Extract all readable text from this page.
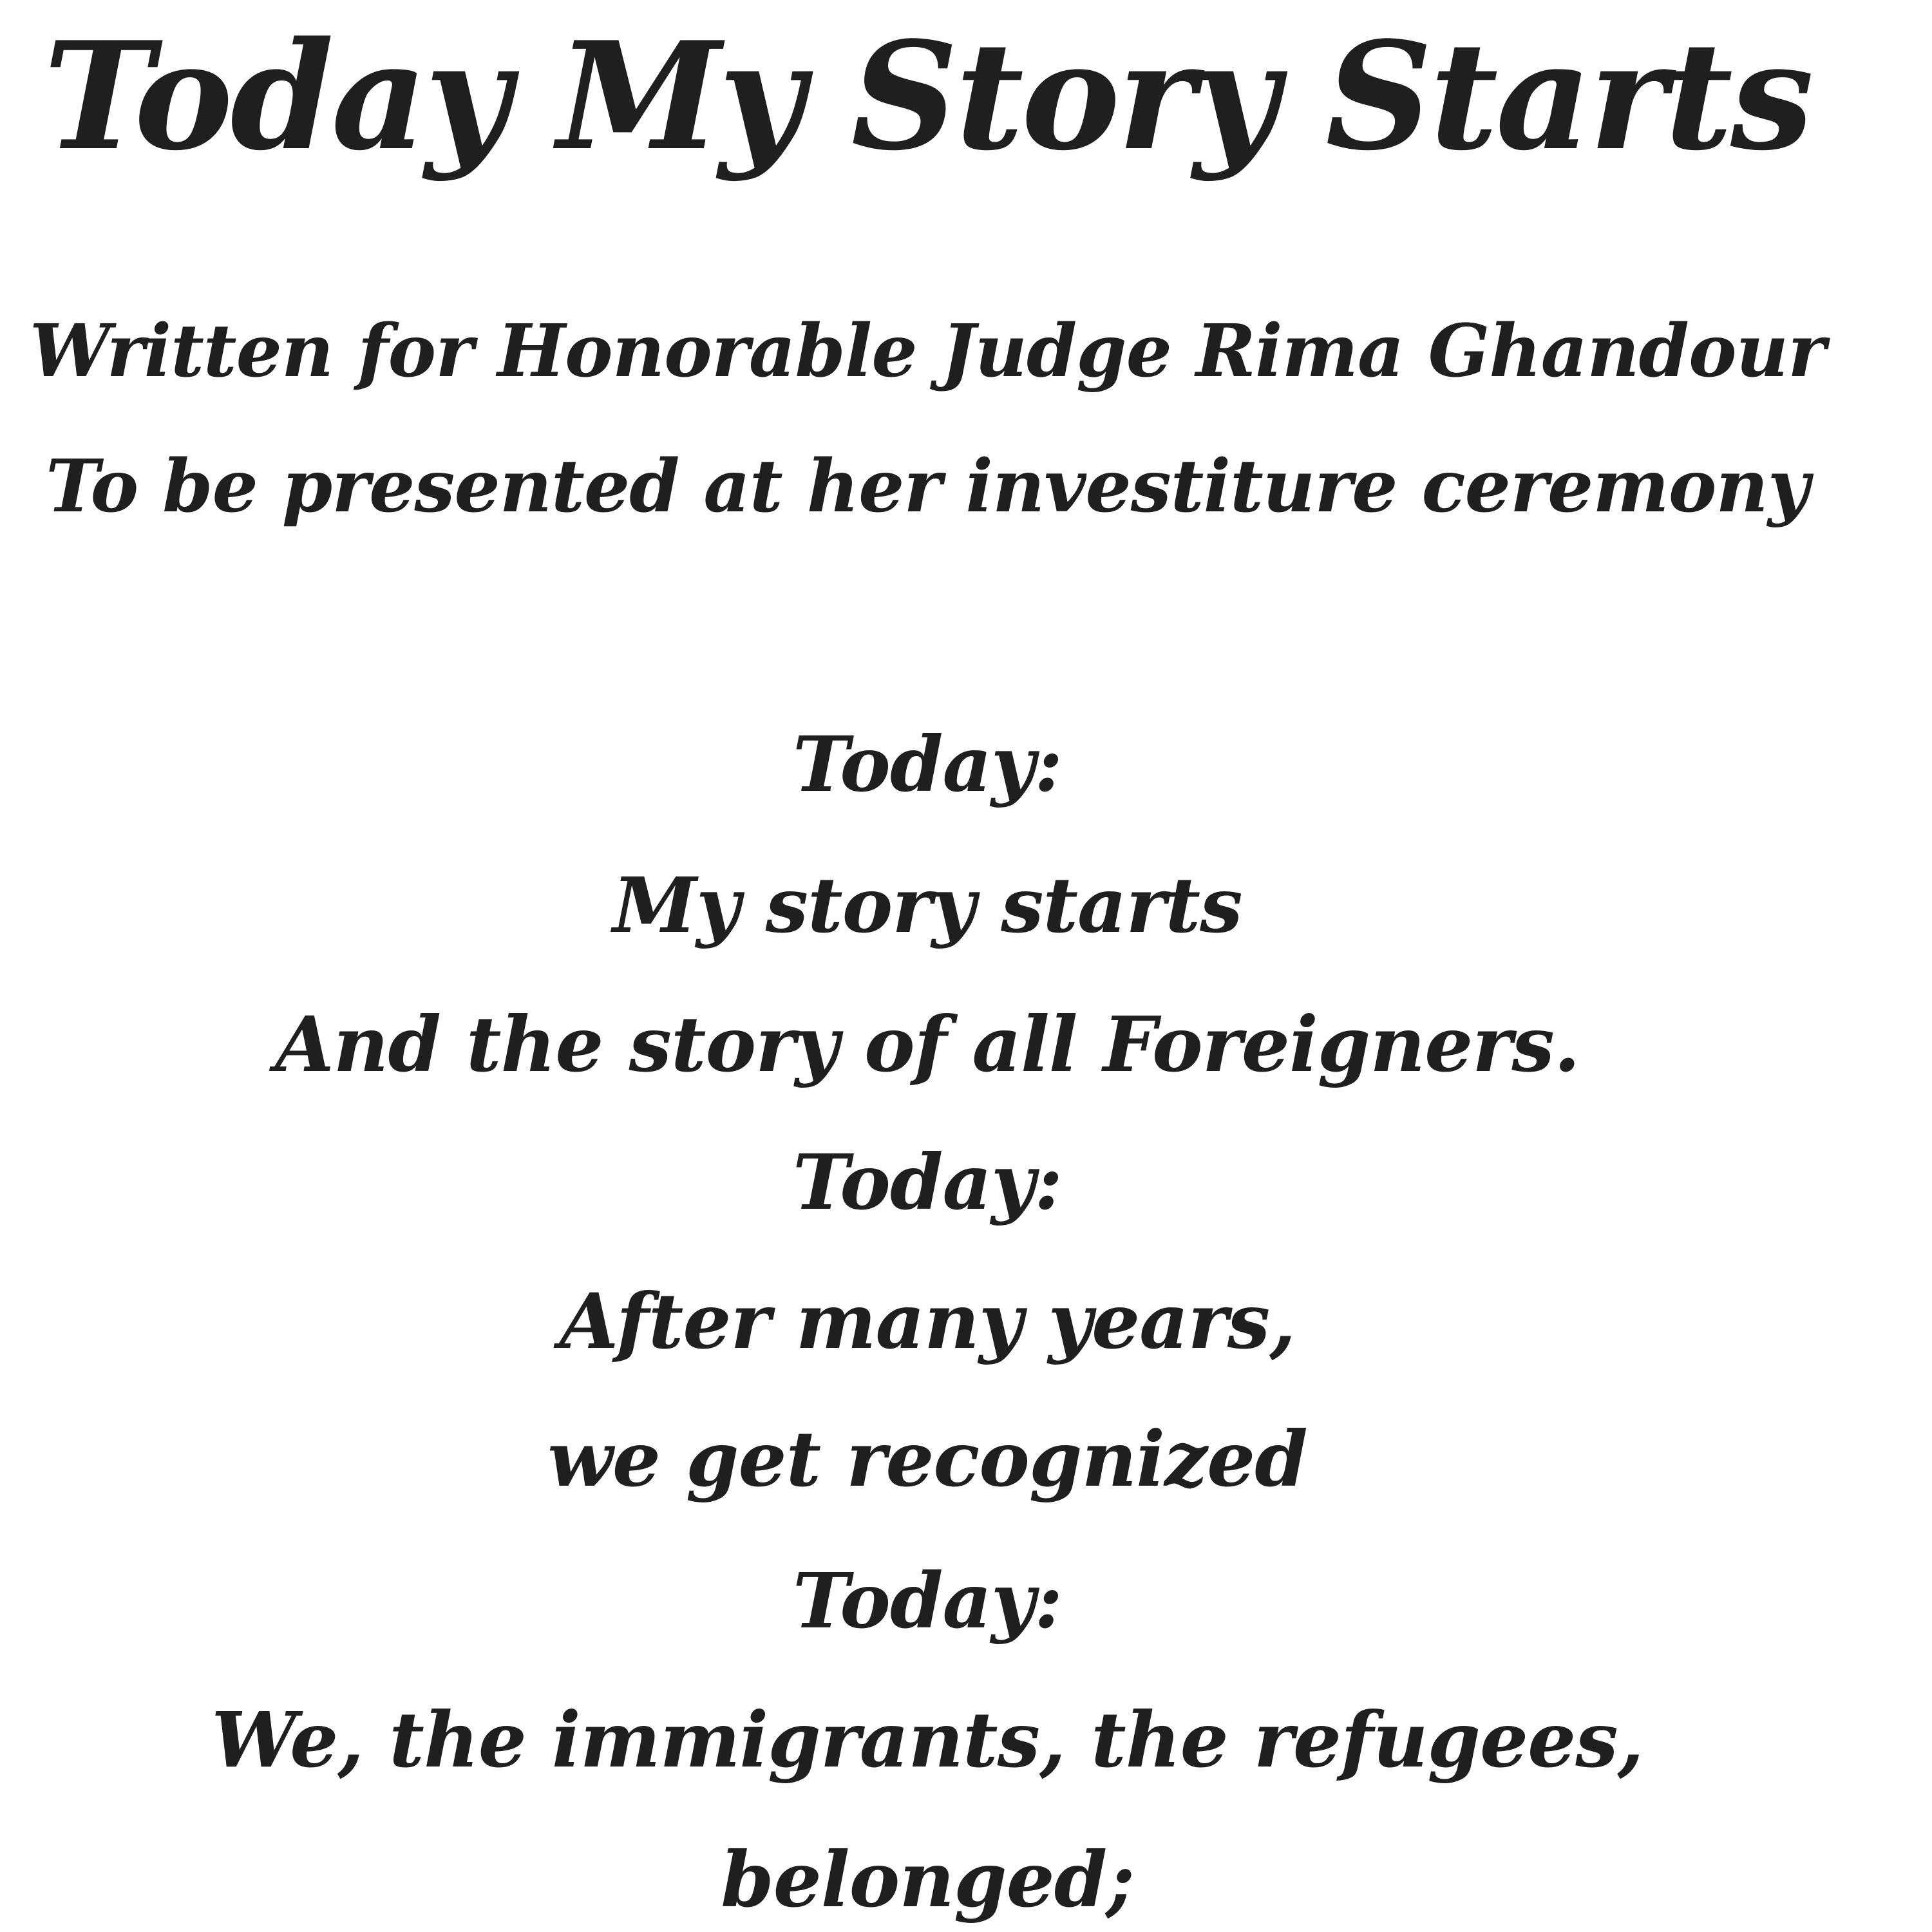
Today My Story Starts
Written for Honorable Judge Rima Ghandour
To be presented at her investiture ceremony
Today:
My story starts
And the story of all Foreigners.
Today:
After many years,
we get recognized
Today:
We, the immigrants, the refugees,
belonged;
